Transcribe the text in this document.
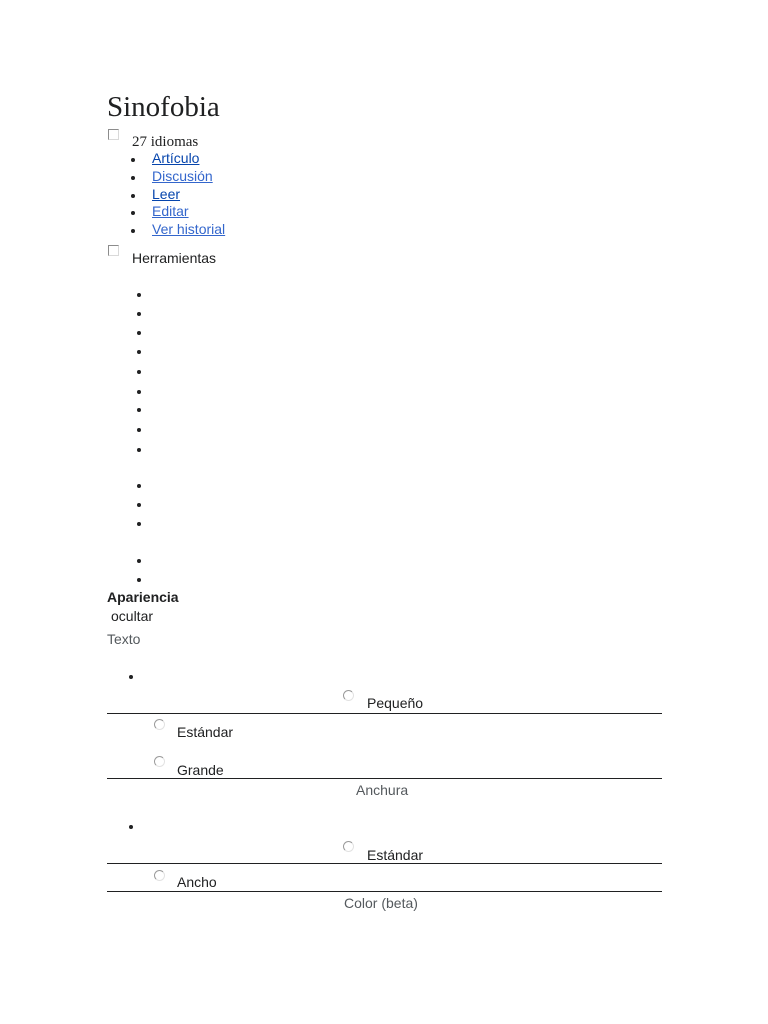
Sinofobia
27 idiomas
Artículo
Discusión
Leer
Editar
Ver historial
Herramientas
Apariencia
ocultar
Texto
Pequeño
Estándar
Grande
Anchura
Estándar
Ancho
Color (beta)
